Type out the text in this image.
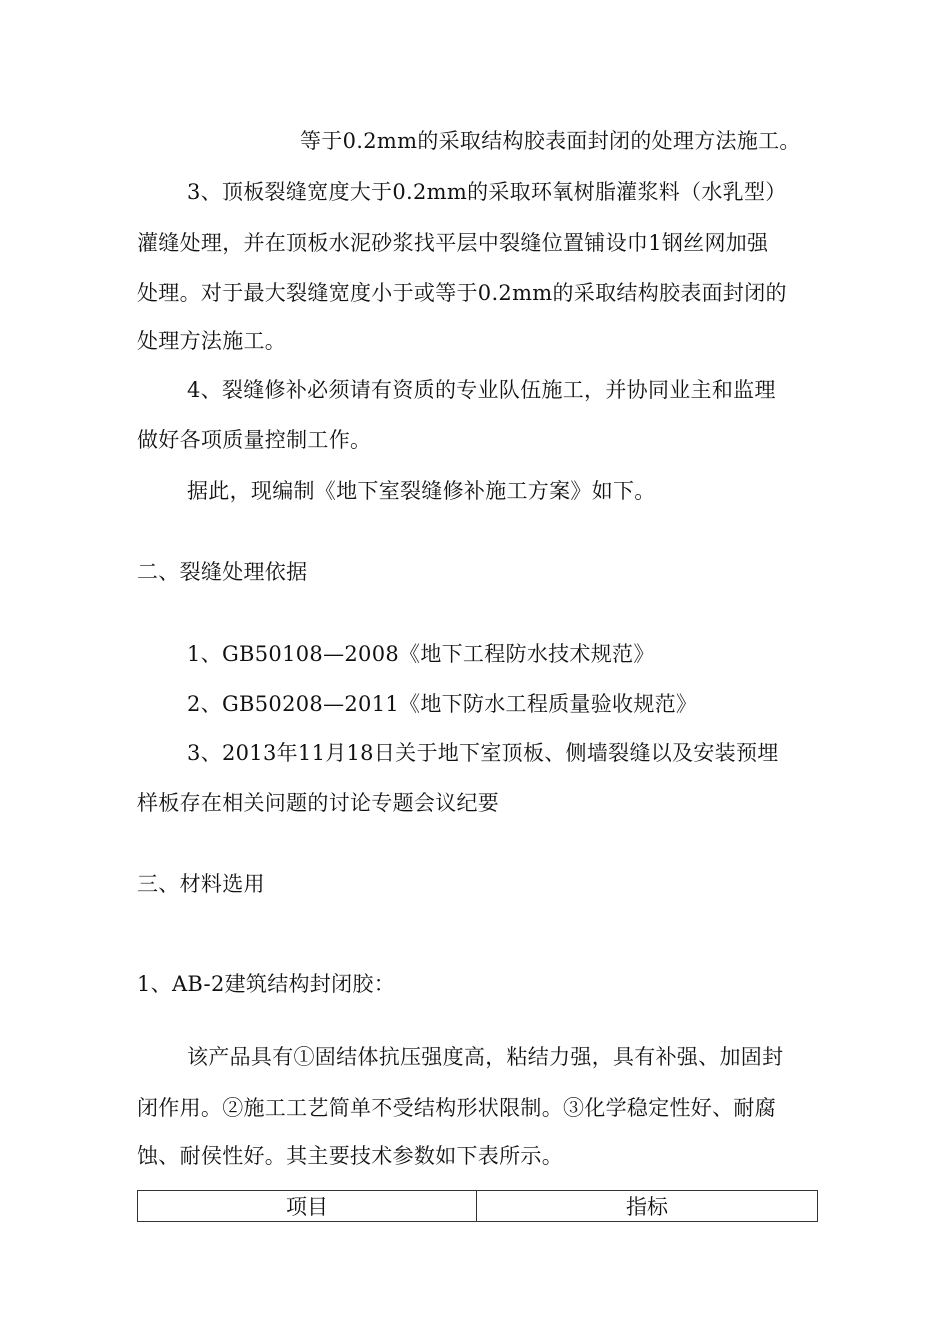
等于0.2mm的采取结构胶表面封闭的处理方法施工。
3、顶板裂缝宽度大于0.2mm的采取环氧树脂灌浆料（水乳型）
灌缝处理，并在顶板水泥砂浆找平层中裂缝位置铺设巾1钢丝网加强
处理。对于最大裂缝宽度小于或等于0.2mm的采取结构胶表面封闭的
处理方法施工。
4、裂缝修补必须请有资质的专业队伍施工，并协同业主和监理
做好各项质量控制工作。
据此，现编制《地下室裂缝修补施工方案》如下。
二、裂缝处理依据
1、GB50108—2008《地下工程防水技术规范》
2、GB50208—2011《地下防水工程质量验收规范》
3、2013年11月18日关于地下室顶板、侧墙裂缝以及安装预埋
样板存在相关问题的讨论专题会议纪要
三、材料选用
1、AB-2建筑结构封闭胶：
该产品具有①固结体抗压强度高，粘结力强，具有补强、加固封
闭作用。②施工工艺简单不受结构形状限制。③化学稳定性好、耐腐
蚀、耐侯性好。其主要技术参数如下表所示。
项目	指标
